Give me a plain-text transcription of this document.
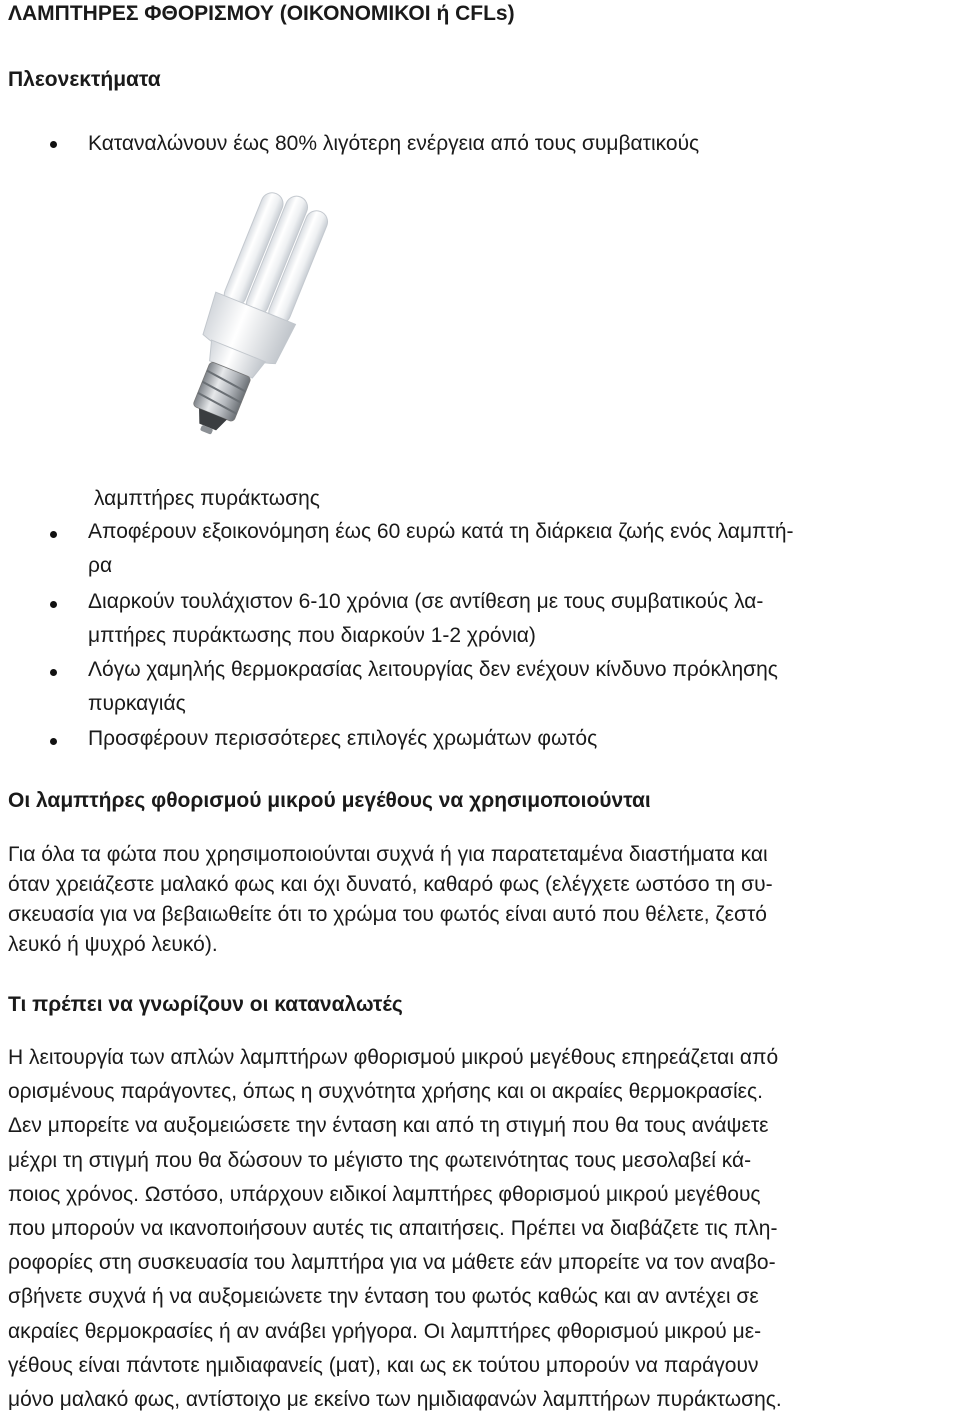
ΛΑΜΠΤΗΡΕΣ ΦΘΟΡΙΣΜΟΥ (ΟΙΚΟΝΟΜΙΚΟΙ ή CFLs)
Πλεονεκτήματα
Καταναλώνουν έως 80% λιγότερη ενέργεια από τους συμβατικούς
λαμπτήρες πυράκτωσης
Αποφέρουν εξοικονόμηση έως 60 ευρώ κατά τη διάρκεια ζωής ενός λαμπτή-
ρα
Διαρκούν τουλάχιστον 6-10 χρόνια (σε αντίθεση με τους συμβατικούς λα-
μπτήρες πυράκτωσης που διαρκούν 1-2 χρόνια)
Λόγω χαμηλής θερμοκρασίας λειτουργίας δεν ενέχουν κίνδυνο πρόκλησης
πυρκαγιάς
Προσφέρουν περισσότερες επιλογές χρωμάτων φωτός
Οι λαμπτήρες φθορισμού μικρού μεγέθους να χρησιμοποιούνται
Για όλα τα φώτα που χρησιμοποιούνται συχνά ή για παρατεταμένα διαστήματα και
όταν χρειάζεστε μαλακό φως και όχι δυνατό, καθαρό φως (ελέγχετε ωστόσο τη συ-
σκευασία για να βεβαιωθείτε ότι το χρώμα του φωτός είναι αυτό που θέλετε, ζεστό
λευκό ή ψυχρό λευκό).
Τι πρέπει να γνωρίζουν οι καταναλωτές
Η λειτουργία των απλών λαμπτήρων φθορισμού μικρού μεγέθους επηρεάζεται από
ορισμένους παράγοντες, όπως η συχνότητα χρήσης και οι ακραίες θερμοκρασίες.
Δεν μπορείτε να αυξομειώσετε την ένταση και από τη στιγμή που θα τους ανάψετε
μέχρι τη στιγμή που θα δώσουν το μέγιστο της φωτεινότητας τους μεσολαβεί κά-
ποιος χρόνος. Ωστόσο, υπάρχουν ειδικοί λαμπτήρες φθορισμού μικρού μεγέθους
που μπορούν να ικανοποιήσουν αυτές τις απαιτήσεις. Πρέπει να διαβάζετε τις πλη-
ροφορίες στη συσκευασία του λαμπτήρα για να μάθετε εάν μπορείτε να τον αναβο-
σβήνετε συχνά ή να αυξομειώνετε την ένταση του φωτός καθώς και αν αντέχει σε
ακραίες θερμοκρασίες ή αν ανάβει γρήγορα. Οι λαμπτήρες φθορισμού μικρού με-
γέθους είναι πάντοτε ημιδιαφανείς (ματ), και ως εκ τούτου μπορούν να παράγουν
μόνο μαλακό φως, αντίστοιχο με εκείνο των ημιδιαφανών λαμπτήρων πυράκτωσης.
